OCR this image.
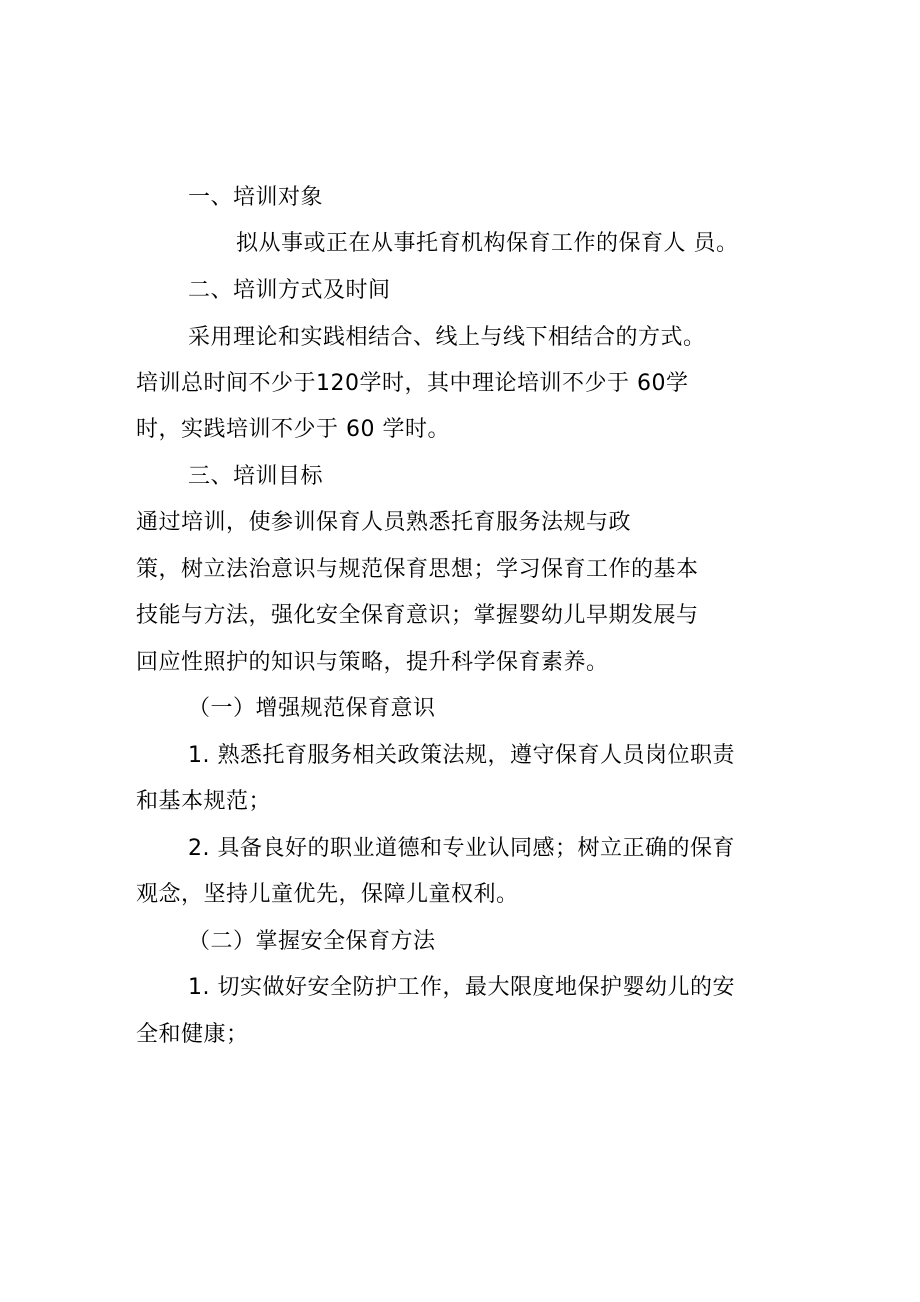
一、培训对象
拟从事或正在从事托育机构保育工作的保育人 员。
二、培训方式及时间
采用理论和实践相结合、线上与线下相结合的方式。
培训总时间不少于120学时，其中理论培训不少于 60学
时，实践培训不少于 60 学时。
三、培训目标
通过培训，使参训保育人员熟悉托育服务法规与政
策，树立法治意识与规范保育思想；学习保育工作的基本
技能与方法，强化安全保育意识；掌握婴幼儿早期发展与
回应性照护的知识与策略，提升科学保育素养。
（一）增强规范保育意识
1. 熟悉托育服务相关政策法规，遵守保育人员岗位职责
和基本规范；
2. 具备良好的职业道德和专业认同感；树立正确的保育
观念，坚持儿童优先，保障儿童权利。
（二）掌握安全保育方法
1. 切实做好安全防护工作，最大限度地保护婴幼儿的安
全和健康；
